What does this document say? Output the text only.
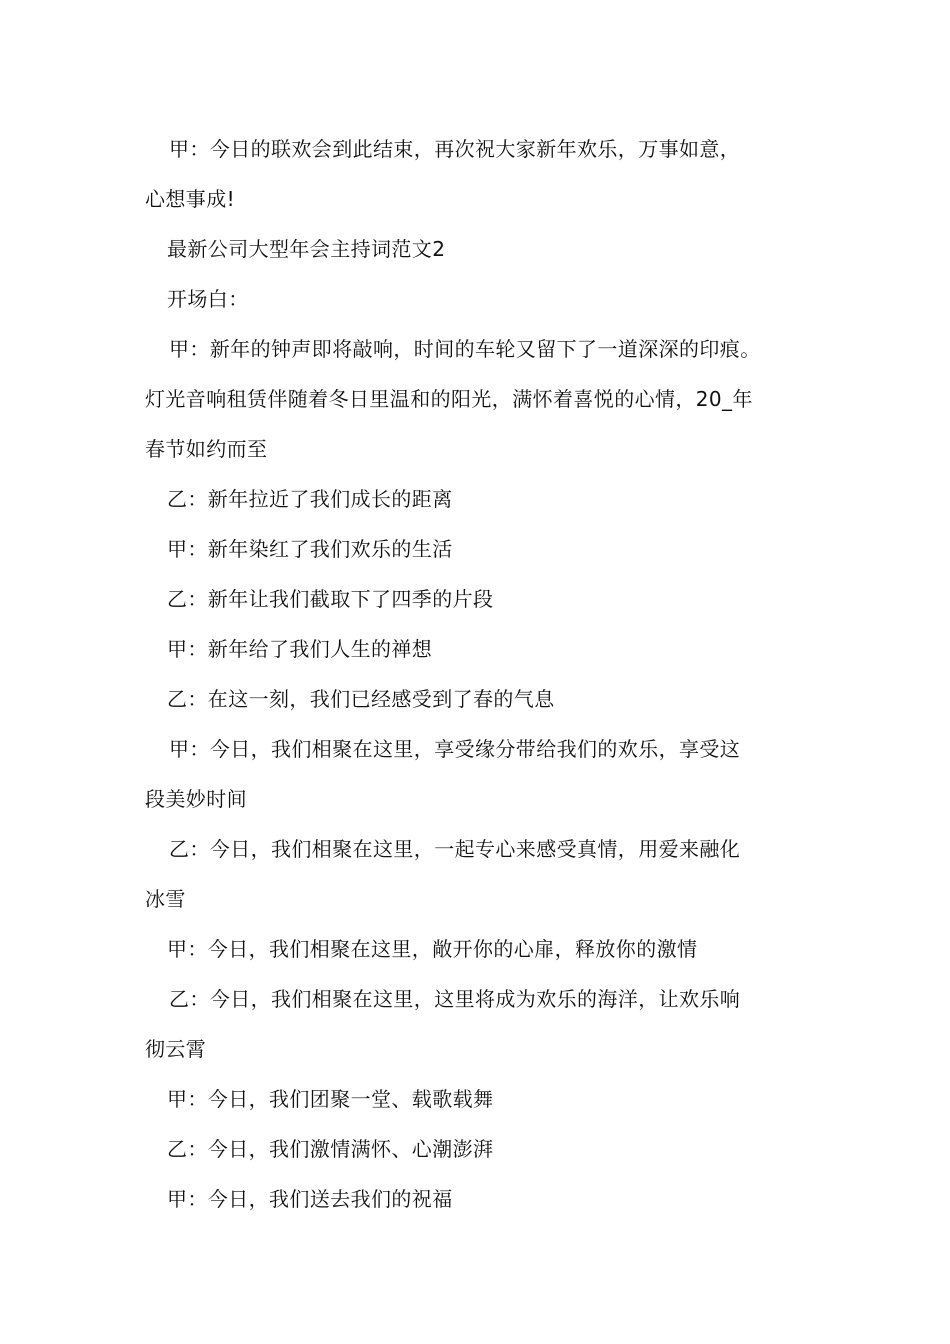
甲：今日的联欢会到此结束，再次祝大家新年欢乐，万事如意，
心想事成!
最新公司大型年会主持词范文2
开场白：
甲：新年的钟声即将敲响，时间的车轮又留下了一道深深的印痕。
灯光音响租赁伴随着冬日里温和的阳光，满怀着喜悦的心情，20_年
春节如约而至
乙：新年拉近了我们成长的距离
甲：新年染红了我们欢乐的生活
乙：新年让我们截取下了四季的片段
甲：新年给了我们人生的禅想
乙：在这一刻，我们已经感受到了春的气息
甲：今日，我们相聚在这里，享受缘分带给我们的欢乐，享受这
段美妙时间
乙：今日，我们相聚在这里，一起专心来感受真情，用爱来融化
冰雪
甲：今日，我们相聚在这里，敞开你的心扉，释放你的激情
乙：今日，我们相聚在这里，这里将成为欢乐的海洋，让欢乐响
彻云霄
甲：今日，我们团聚一堂、载歌载舞
乙：今日，我们激情满怀、心潮澎湃
甲：今日，我们送去我们的祝福
